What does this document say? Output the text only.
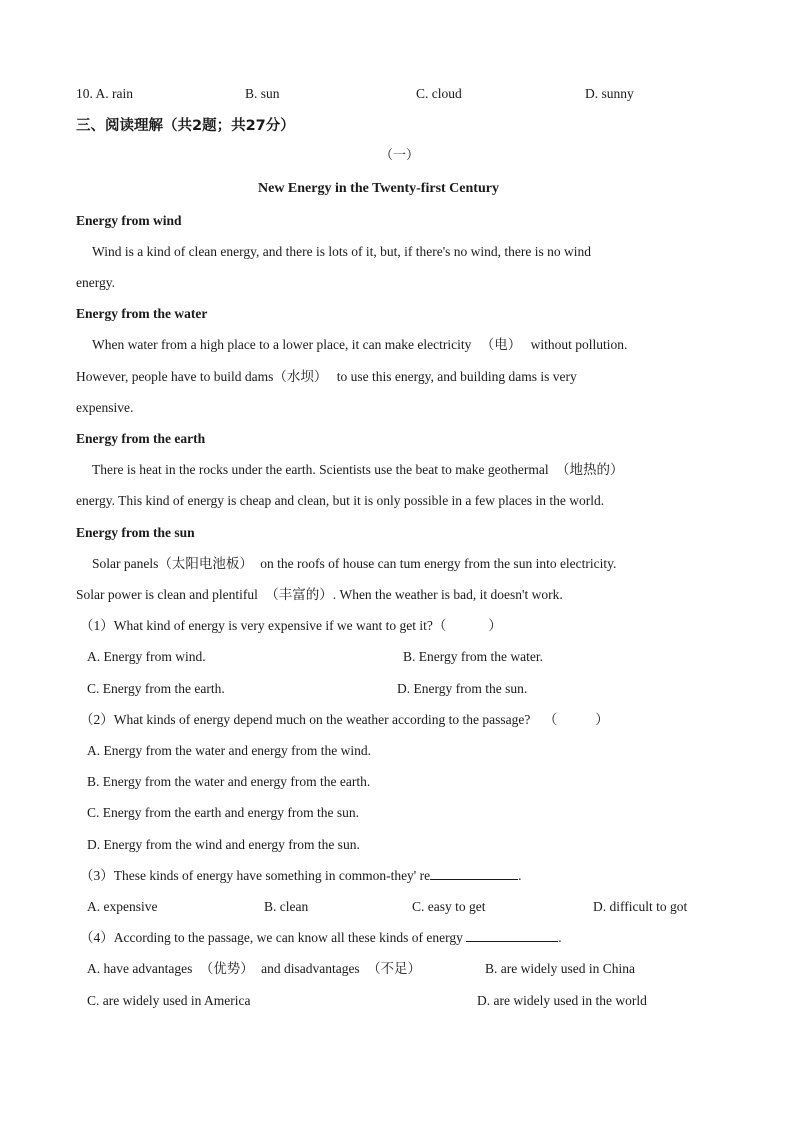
10. A. rain	B. sun	C. cloud	D. sunny
三、阅读理解（共2题；共27分）
（一）
New Energy in the Twenty-first Century
Energy from wind
Wind is a kind of clean energy, and there is lots of it, but, if there's no wind, there is no wind
energy.
Energy from the water
When water from a high place to a lower place, it can make electricity （电） without pollution.
However, people have to build dams（水坝） to use this energy, and building dams is very
expensive.
Energy from the earth
There is heat in the rocks under the earth. Scientists use the beat to make geothermal （地热的）
energy. This kind of energy is cheap and clean, but it is only possible in a few places in the world.
Energy from the sun
Solar panels（太阳电池板） on the roofs of house can tum energy from the sun into electricity.
Solar power is clean and plentiful （丰富的）. When the weather is bad, it doesn't work.
（1）What kind of energy is very expensive if we want to get it?（	）
A. Energy from wind.	B. Energy from the water.
C. Energy from the earth.	D. Energy from the sun.
（2）What kinds of energy depend much on the weather according to the passage? （	）
A. Energy from the water and energy from the wind.
B. Energy from the water and energy from the earth.
C. Energy from the earth and energy from the sun.
D. Energy from the wind and energy from the sun.
（3）These kinds of energy have something in common-they' re	.
A. expensive	B. clean	C. easy to get	D. difficult to got
（4）According to the passage, we can know all these kinds of energy	.
A. have advantages （优势） and disadvantages （不足）	B. are widely used in China
C. are widely used in America	D. are widely used in the world
